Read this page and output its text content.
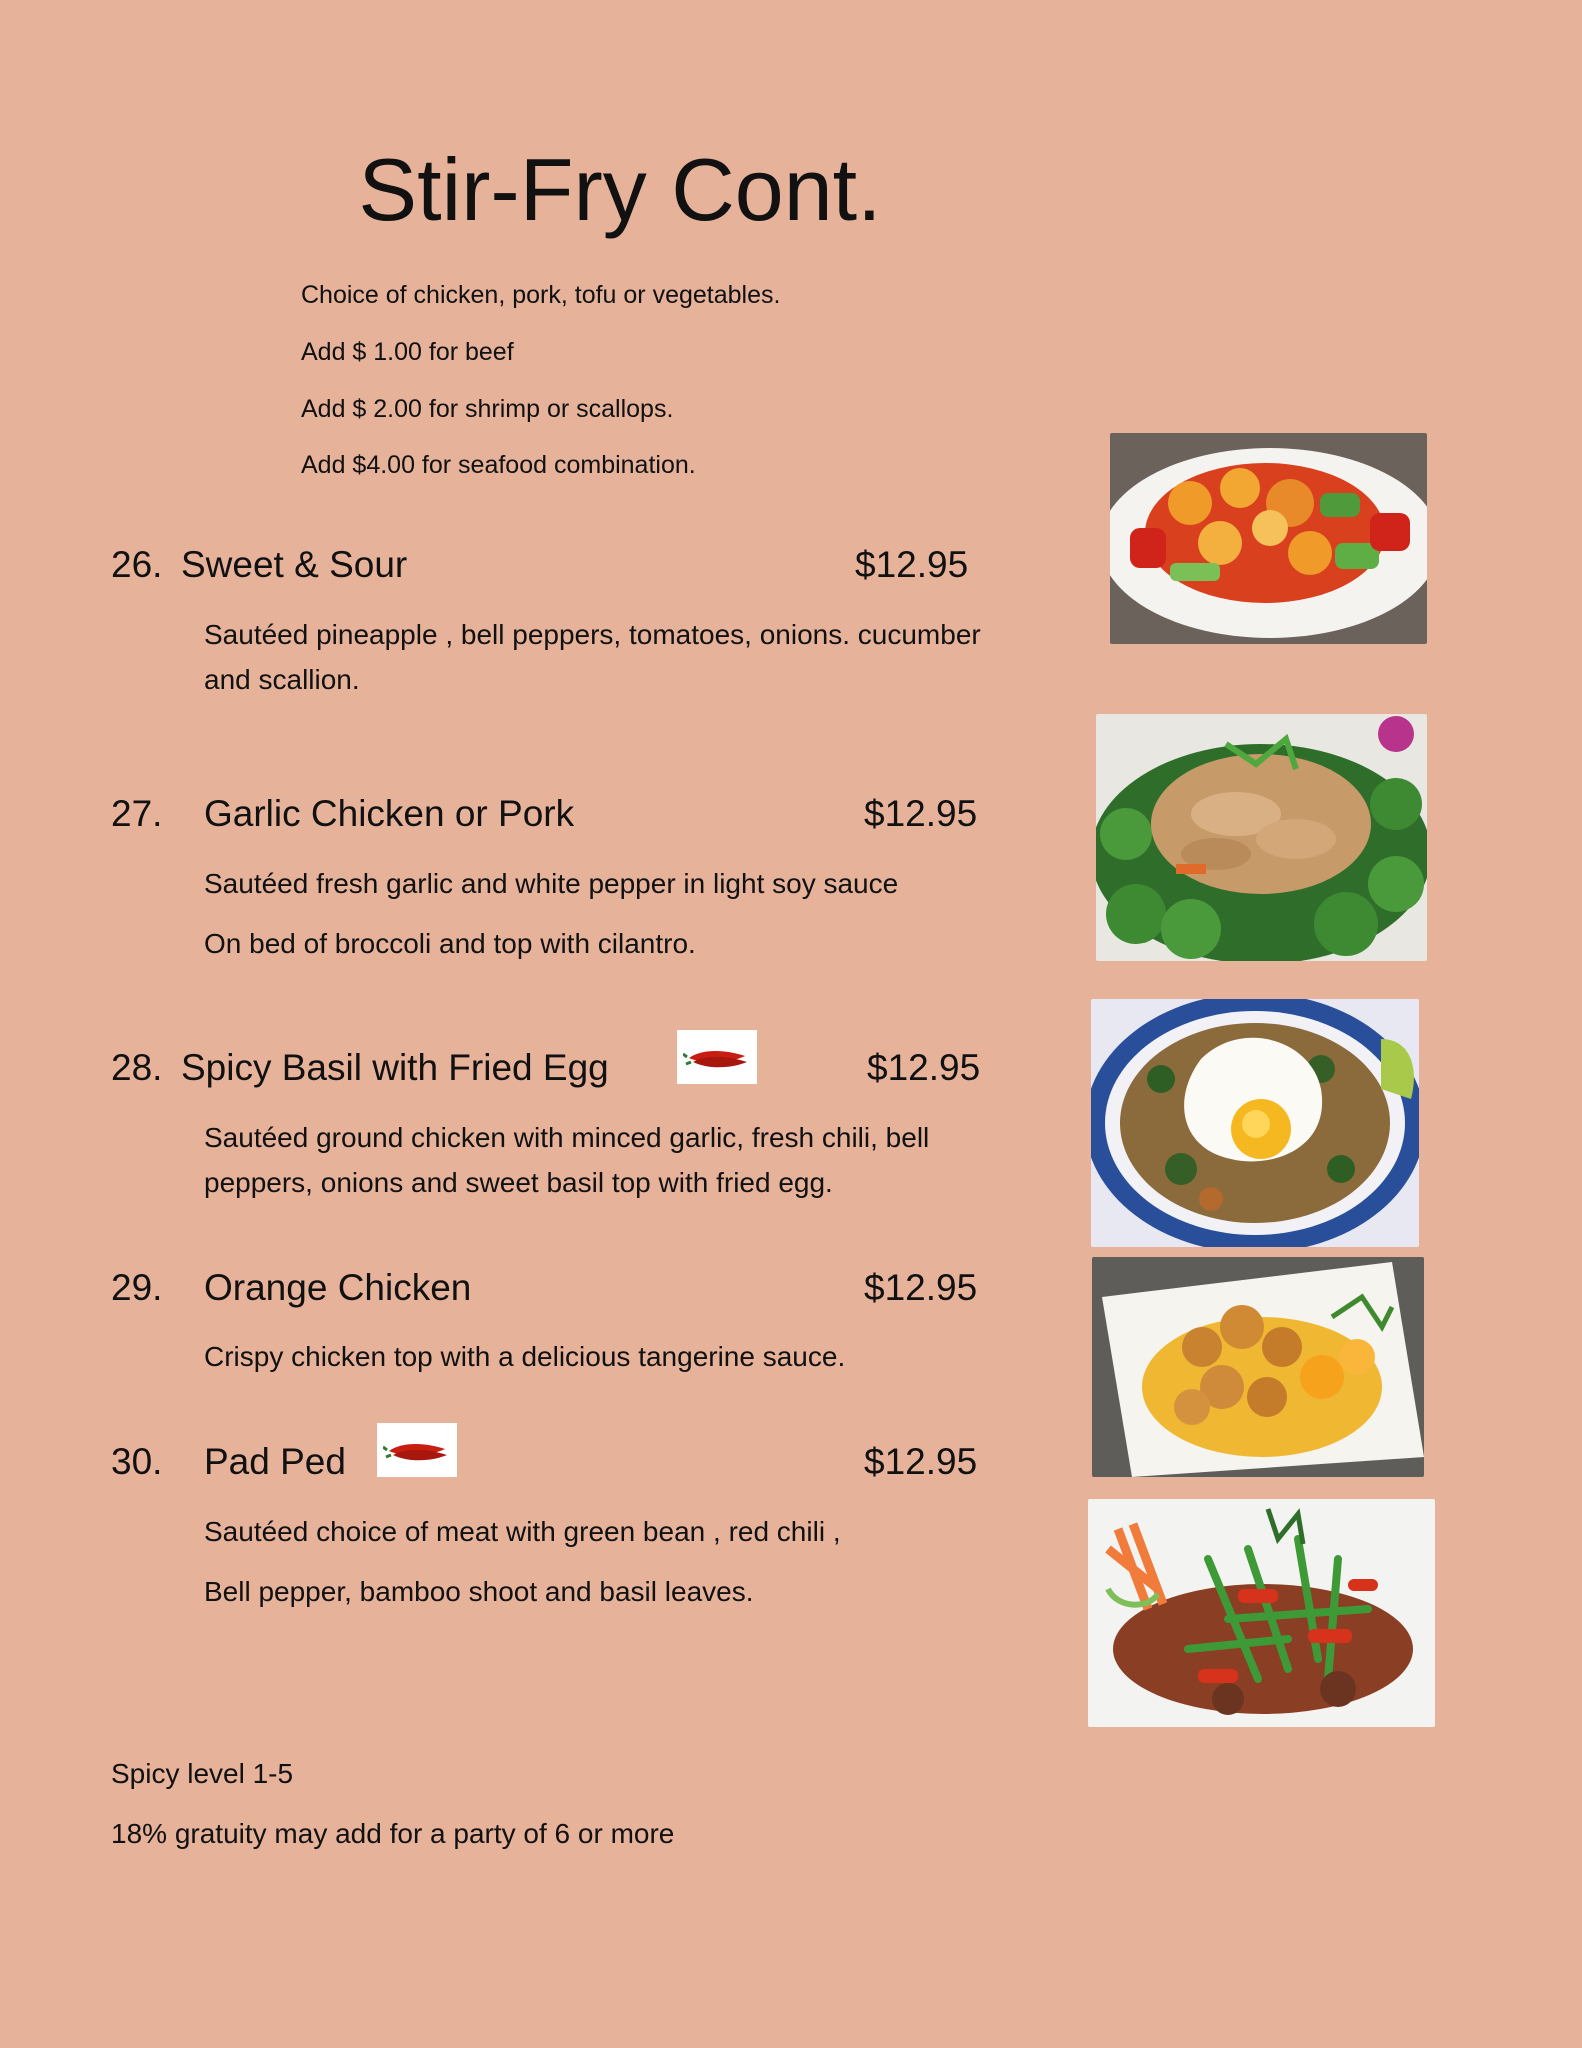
Stir-Fry Cont.
Choice of chicken, pork, tofu or vegetables.
Add $ 1.00 for beef
Add $ 2.00 for shrimp or scallops.
Add $4.00 for seafood combination.
26. Sweet & Sour	$12.95
Sautéed pineapple , bell peppers, tomatoes, onions. cucumber
and scallion.
27. Garlic Chicken or Pork	$12.95
Sautéed fresh garlic and white pepper in light soy sauce
On bed of broccoli and top with cilantro.
28. Spicy Basil with Fried Egg	$12.95
Sautéed ground chicken with minced garlic, fresh chili, bell
peppers, onions and sweet basil top with fried egg.
29. Orange Chicken	$12.95
Crispy chicken top with a delicious tangerine sauce.
30. Pad Ped	$12.95
Sautéed choice of meat with green bean , red chili ,
Bell pepper, bamboo shoot and basil leaves.
Spicy level 1-5
18% gratuity may add for a party of 6 or more
